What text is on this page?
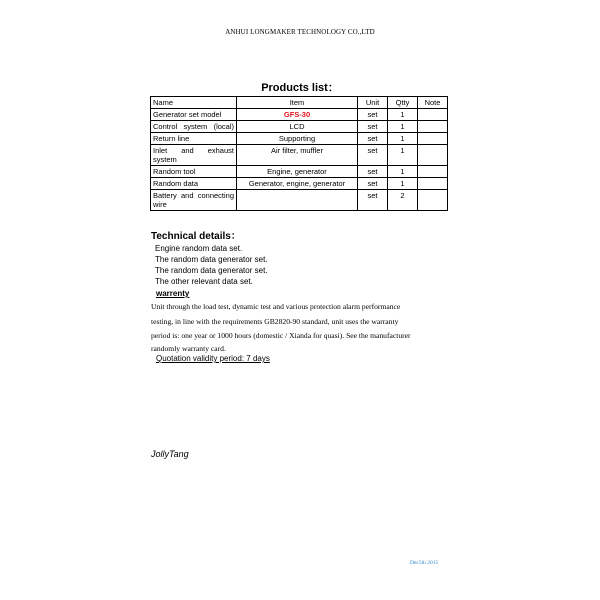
ANHUI LONGMAKER TECHNOLOGY CO.,LTD
Products list：
Name	Item	Unit	Qtty	Note
Generator set model	GFS-30	set	1	
Control system (local)	LCD	set	1	
Return line	Supporting	set	1	
Inlet and exhaust system	Air filter, muffler	set	1	
Random tool	Engine, generator	set	1	
Random data	Generator, engine, generator	set	1	
Battery and connecting wire		set	2	
Technical details：
Engine random data set.
The random data generator set.
The random data generator set.
The other relevant data set.
warrenty
Unit through the load test, dynamic test and various protection alarm performance
testing, in line with the requirements GB2820-90 standard, unit uses the warranty
period is: one year or 1000 hours (domestic / Xianda for quasi). See the manufacturer
randomly warranty card.
Quotation validity period: 7 days
JollyTang
Dec5th 2015
